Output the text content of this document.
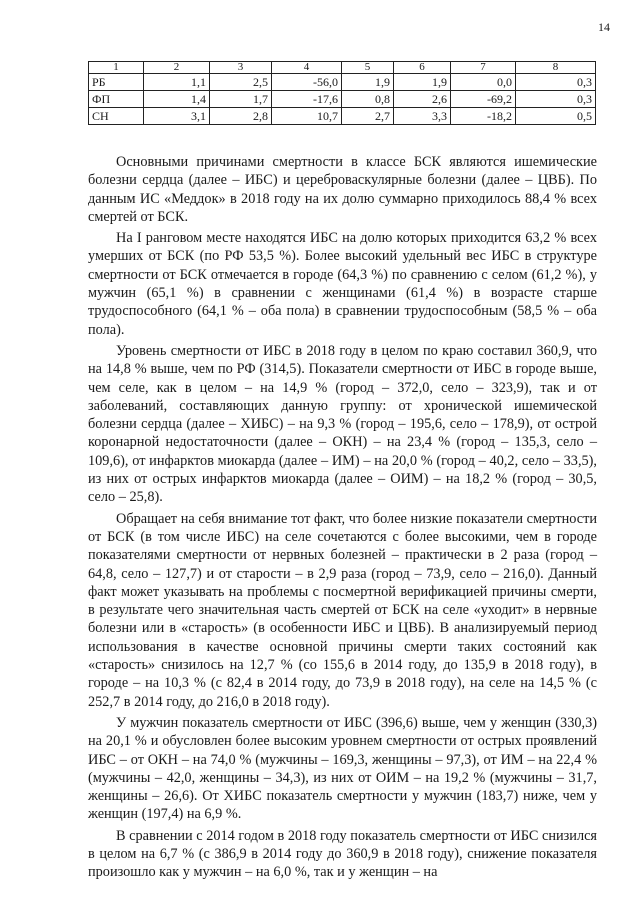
14
1	2	3	4	5	6	7	8
РБ	1,1	2,5	-56,0	1,9	1,9	0,0	0,3
ФП	1,4	1,7	-17,6	0,8	2,6	-69,2	0,3
СН	3,1	2,8	10,7	2,7	3,3	-18,2	0,5

Основными причинами смертности в классе БСК являются ишемические болезни сердца (далее – ИБС) и цереброваскулярные болезни (далее – ЦВБ). По данным ИС «Меддок» в 2018 году на их долю суммарно приходилось 88,4 % всех смертей от БСК.

На I ранговом месте находятся ИБС на долю которых приходится 63,2 % всех умерших от БСК (по РФ 53,5 %). Более высокий удельный вес ИБС в структуре смертности от БСК отмечается в городе (64,3 %) по сравнению с селом (61,2 %), у мужчин (65,1 %) в сравнении с женщинами (61,4 %) в возрасте старше трудоспособного (64,1 % – оба пола) в сравнении трудоспособным (58,5 % – оба пола).

Уровень смертности от ИБС в 2018 году в целом по краю составил 360,9, что на 14,8 % выше, чем по РФ (314,5). Показатели смертности от ИБС в городе выше, чем селе, как в целом – на 14,9 % (город – 372,0, село – 323,9), так и от заболеваний, составляющих данную группу: от хронической ишемической болезни сердца (далее – ХИБС) – на 9,3 % (город – 195,6, село – 178,9), от острой коронарной недостаточности (далее – ОКН) – на 23,4 % (город – 135,3, село – 109,6), от инфарктов миокарда (далее – ИМ) – на 20,0 % (город – 40,2, село – 33,5), из них от острых инфарктов миокарда (далее – ОИМ) – на 18,2 % (город – 30,5, село – 25,8).

Обращает на себя внимание тот факт, что более низкие показатели смертности от БСК (в том числе ИБС) на селе сочетаются с более высокими, чем в городе показателями смертности от нервных болезней – практически в 2 раза (город – 64,8, село – 127,7) и от старости – в 2,9 раза (город – 73,9, село – 216,0). Данный факт может указывать на проблемы с посмертной верификацией причины смерти, в результате чего значительная часть смертей от БСК на селе «уходит» в нервные болезни или в «старость» (в особенности ИБС и ЦВБ). В анализируемый период использования в качестве основной причины смерти таких состояний как «старость» снизилось на 12,7 % (со 155,6 в 2014 году, до 135,9 в 2018 году), в городе – на 10,3 % (с 82,4 в 2014 году, до 73,9 в 2018 году), на селе на 14,5 % (с 252,7 в 2014 году, до 216,0 в 2018 году).

У мужчин показатель смертности от ИБС (396,6) выше, чем у женщин (330,3) на 20,1 % и обусловлен более высоким уровнем смертности от острых проявлений ИБС – от ОКН – на 74,0 % (мужчины – 169,3, женщины – 97,3), от ИМ – на 22,4 % (мужчины – 42,0, женщины – 34,3), из них от ОИМ – на 19,2 % (мужчины – 31,7, женщины – 26,6). От ХИБС показатель смертности у мужчин (183,7) ниже, чем у женщин (197,4) на 6,9 %.

В сравнении с 2014 годом в 2018 году показатель смертности от ИБС снизился в целом на 6,7 % (с 386,9 в 2014 году до 360,9 в 2018 году), снижение показателя произошло как у мужчин – на 6,0 %, так и у женщин – на
